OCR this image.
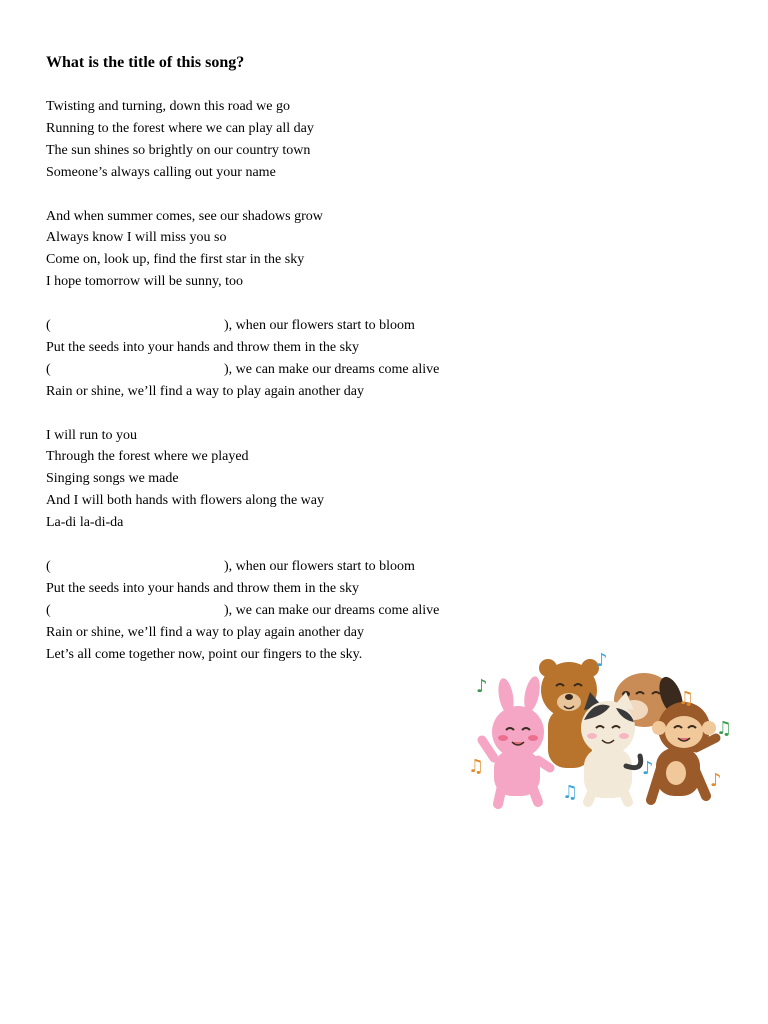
What is the title of this song?
Twisting and turning, down this road we go
Running to the forest where we can play all day
The sun shines so brightly on our country town
Someone’s always calling out your name
And when summer comes, see our shadows grow
Always know I will miss you so
Come on, look up, find the first star in the sky
I hope tomorrow will be sunny, too
(	), when our flowers start to bloom
Put the seeds into your hands and throw them in the sky
(	), we can make our dreams come alive
Rain or shine, we’ll find a way to play again another day
I will run to you
Through the forest where we played
Singing songs we made
And I will both hands with flowers along the way
La-di la-di-da
(	), when our flowers start to bloom
Put the seeds into your hands and throw them in the sky
(	), we can make our dreams come alive
Rain or shine, we’ll find a way to play again another day
Let’s all come together now, point our fingers to the sky.
♪
♪
♫
♫
♫
♫
♪
♪
